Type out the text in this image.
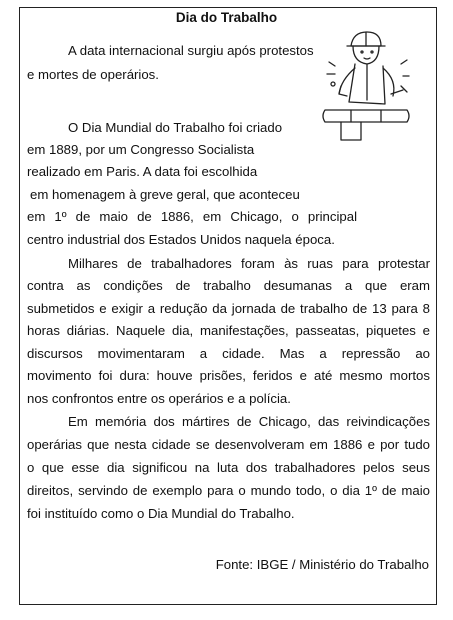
Dia do Trabalho
A data internacional surgiu após protestos
e mortes de operários.
O Dia Mundial do Trabalho foi criado
em 1889, por um Congresso Socialista
realizado em Paris. A data foi escolhida
em homenagem à greve geral, que aconteceu
em 1º de maio de 1886, em Chicago, o principal
centro industrial dos Estados Unidos naquela época.
Milhares de trabalhadores foram às ruas para protestar
contra as condições de trabalho desumanas a que eram
submetidos e exigir a redução da jornada de trabalho de 13 para 8
horas diárias. Naquele dia, manifestações, passeatas, piquetes e
discursos movimentaram a cidade. Mas a repressão ao
movimento foi dura: houve prisões, feridos e até mesmo mortos
nos confrontos entre os operários e a polícia.
Em memória dos mártires de Chicago, das reivindicações
operárias que nesta cidade se desenvolveram em 1886 e por tudo
o que esse dia significou na luta dos trabalhadores pelos seus
direitos, servindo de exemplo para o mundo todo, o dia 1º de maio
foi instituído como o Dia Mundial do Trabalho.
Fonte: IBGE / Ministério do Trabalho
